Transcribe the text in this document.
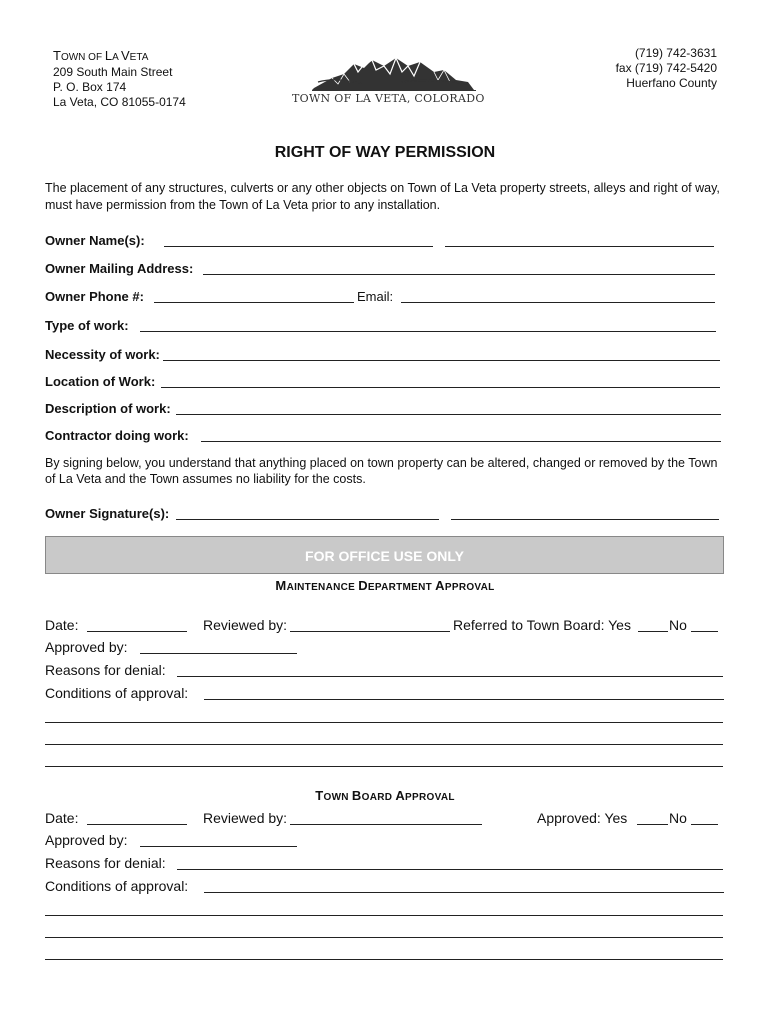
TOWN OF LA VETA
209 South Main Street
P. O. Box 174
La Veta, CO 81055-0174	TOWN OF LA VETA, COLORADO
(719) 742-3631
fax (719) 742-5420
Huerfano County
RIGHT OF WAY PERMISSION
The placement of any structures, culverts or any other objects on Town of La Veta property streets, alleys and right of way, must have permission from the Town of La Veta prior to any installation.
Owner Name(s):
Owner Mailing Address:
Owner Phone #:	Email:
Type of work:
Necessity of work:
Location of Work:
Description of work:
Contractor doing work:
By signing below, you understand that anything placed on town property can be altered, changed or removed by the Town of La Veta and the Town assumes no liability for the costs.
Owner Signature(s):
FOR OFFICE USE ONLY
MAINTENANCE DEPARTMENT APPROVAL
Date:	Reviewed by:	Referred to Town Board: Yes	No
Approved by:
Reasons for denial:
Conditions of approval:
TOWN BOARD APPROVAL
Date:	Reviewed by:	Approved: Yes	No
Approved by:
Reasons for denial:
Conditions of approval:
